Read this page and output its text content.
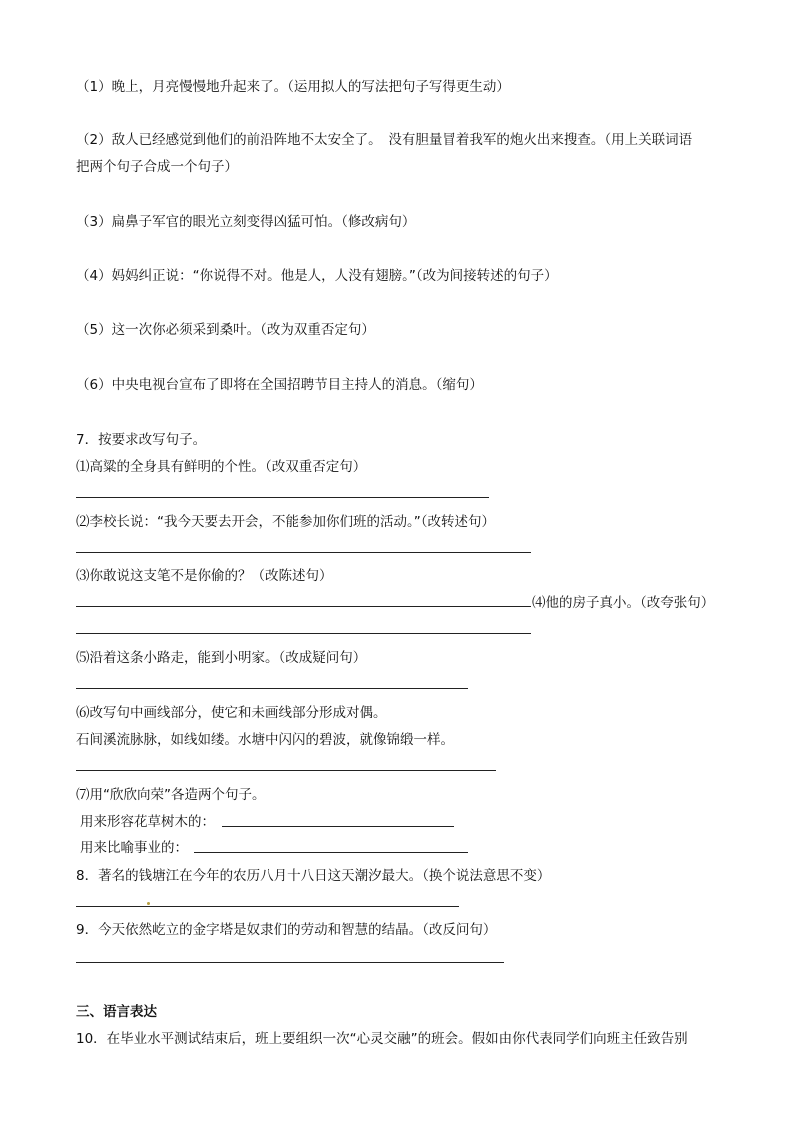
（1）晚上，月亮慢慢地升起来了。（运用拟人的写法把句子写得更生动）
（2）敌人已经感觉到他们的前沿阵地不太安全了。　没有胆量冒着我军的炮火出来搜查。（用上关联词语
把两个句子合成一个句子）
（3）扁鼻子军官的眼光立刻变得凶猛可怕。（修改病句）
（4）妈妈纠正说：“你说得不对。他是人，人没有翅膀。”（改为间接转述的句子）
（5）这一次你必须采到桑叶。（改为双重否定句）
（6）中央电视台宣布了即将在全国招聘节目主持人的消息。（缩句）
7．按要求改写句子。
⑴高粱的全身具有鲜明的个性。（改双重否定句）
⑵李校长说：“我今天要去开会，不能参加你们班的活动。”（改转述句）
⑶你敢说这支笔不是你偷的？（改陈述句）
⑷他的房子真小。（改夸张句）
⑸沿着这条小路走，能到小明家。（改成疑问句）
⑹改写句中画线部分，使它和未画线部分形成对偶。
石间溪流脉脉，如线如缕。水塘中闪闪的碧波，就像锦缎一样。
⑺用“欣欣向荣”各造两个句子。
用来形容花草树木的：
用来比喻事业的：
8．著名的钱塘江在今年的农历八月十八日这天潮汐最大。（换个说法意思不变）
9．今天依然屹立的金字塔是奴隶们的劳动和智慧的结晶。（改反问句）
三、语言表达
10．在毕业水平测试结束后，班上要组织一次“心灵交融”的班会。假如由你代表同学们向班主任致告别
